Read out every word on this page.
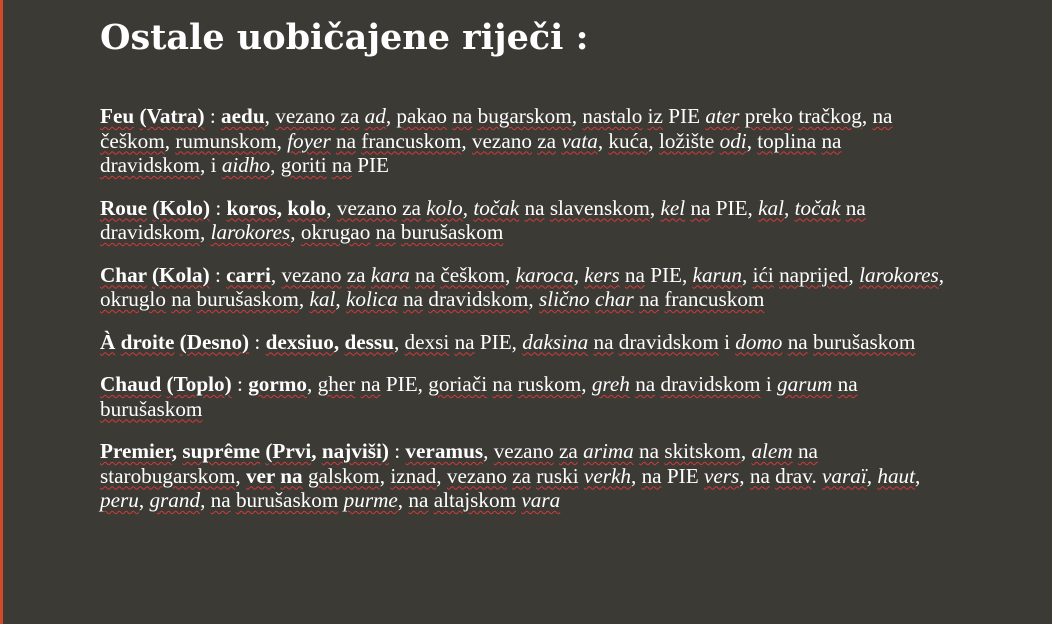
Ostale uobičajene riječi :

Feu (Vatra) : aedu, vezano za ad, pakao na bugarskom, nastalo iz PIE ater preko tračkog, na češkom, rumunskom, foyer na francuskom, vezano za vata, kuća, ložište odi, toplina na dravidskom, i aidho, goriti na PIE

Roue (Kolo) : koros, kolo, vezano za kolo, točak na slavenskom, kel na PIE, kal, točak na dravidskom, larokores, okrugao na burušaskom

Char (Kola) : carri, vezano za kara na češkom, karoca, kers na PIE, karun, ići naprijed, larokores, okruglo na burušaskom, kal, kolica na dravidskom, slično char na francuskom

À droite (Desno) : dexsiuo, dessu, dexsi na PIE, daksina na dravidskom i domo na burušaskom

Chaud (Toplo) : gormo, gher na PIE, goriači na ruskom, greh na dravidskom i garum na burušaskom

Premier, suprême (Prvi, najviši) : veramus, vezano za arima na skitskom, alem na starobugarskom, ver na galskom, iznad, vezano za ruski verkh, na PIE vers, na drav. varaï, haut, peru, grand, na burušaskom purme, na altajskom vara
